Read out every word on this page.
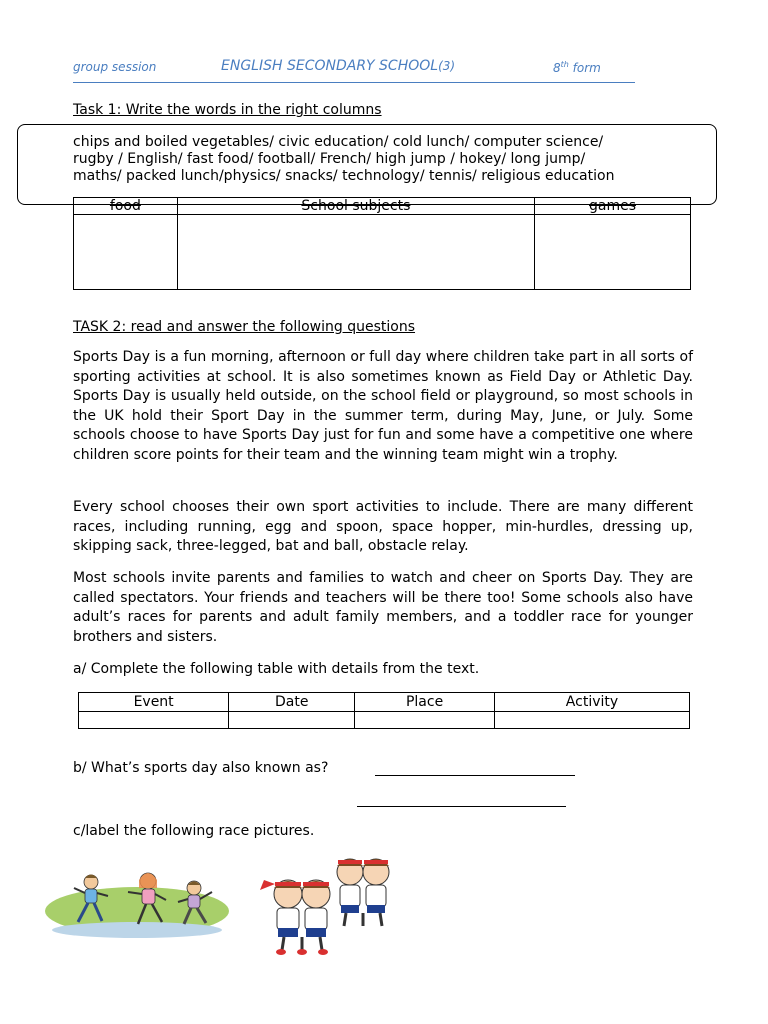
group session	ENGLISH SECONDARY SCHOOL(3)	8th form
Task 1: Write the words in the right columns
chips and boiled vegetables/ civic education/ cold lunch/ computer science/
rugby / English/ fast food/ football/ French/ high jump / hokey/ long jump/
maths/ packed lunch/physics/ snacks/ technology/ tennis/ religious education
food	School subjects	games

TASK 2: read and answer the following questions

Sports Day is a fun morning, afternoon or full day where children take part in all sorts of sporting activities at school. It is also sometimes known as Field Day or Athletic Day. Sports Day is usually held outside, on the school field or playground, so most schools in the UK hold their Sport Day in the summer term, during May, June, or July. Some schools choose to have Sports Day just for fun and some have a competitive one where children score points for their team and the winning team might win a trophy.

Every school chooses their own sport activities to include. There are many different races, including running, egg and spoon, space hopper, min-hurdles, dressing up, skipping sack, three-legged, bat and ball, obstacle relay.

Most schools invite parents and families to watch and cheer on Sports Day. They are called spectators. Your friends and teachers will be there too! Some schools also have adult’s races for parents and adult family members, and a toddler race for younger brothers and sisters.

a/ Complete the following table with details from the text.
Event	Date	Place	Activity

b/ What’s sports day also known as?
c/label the following race pictures.
